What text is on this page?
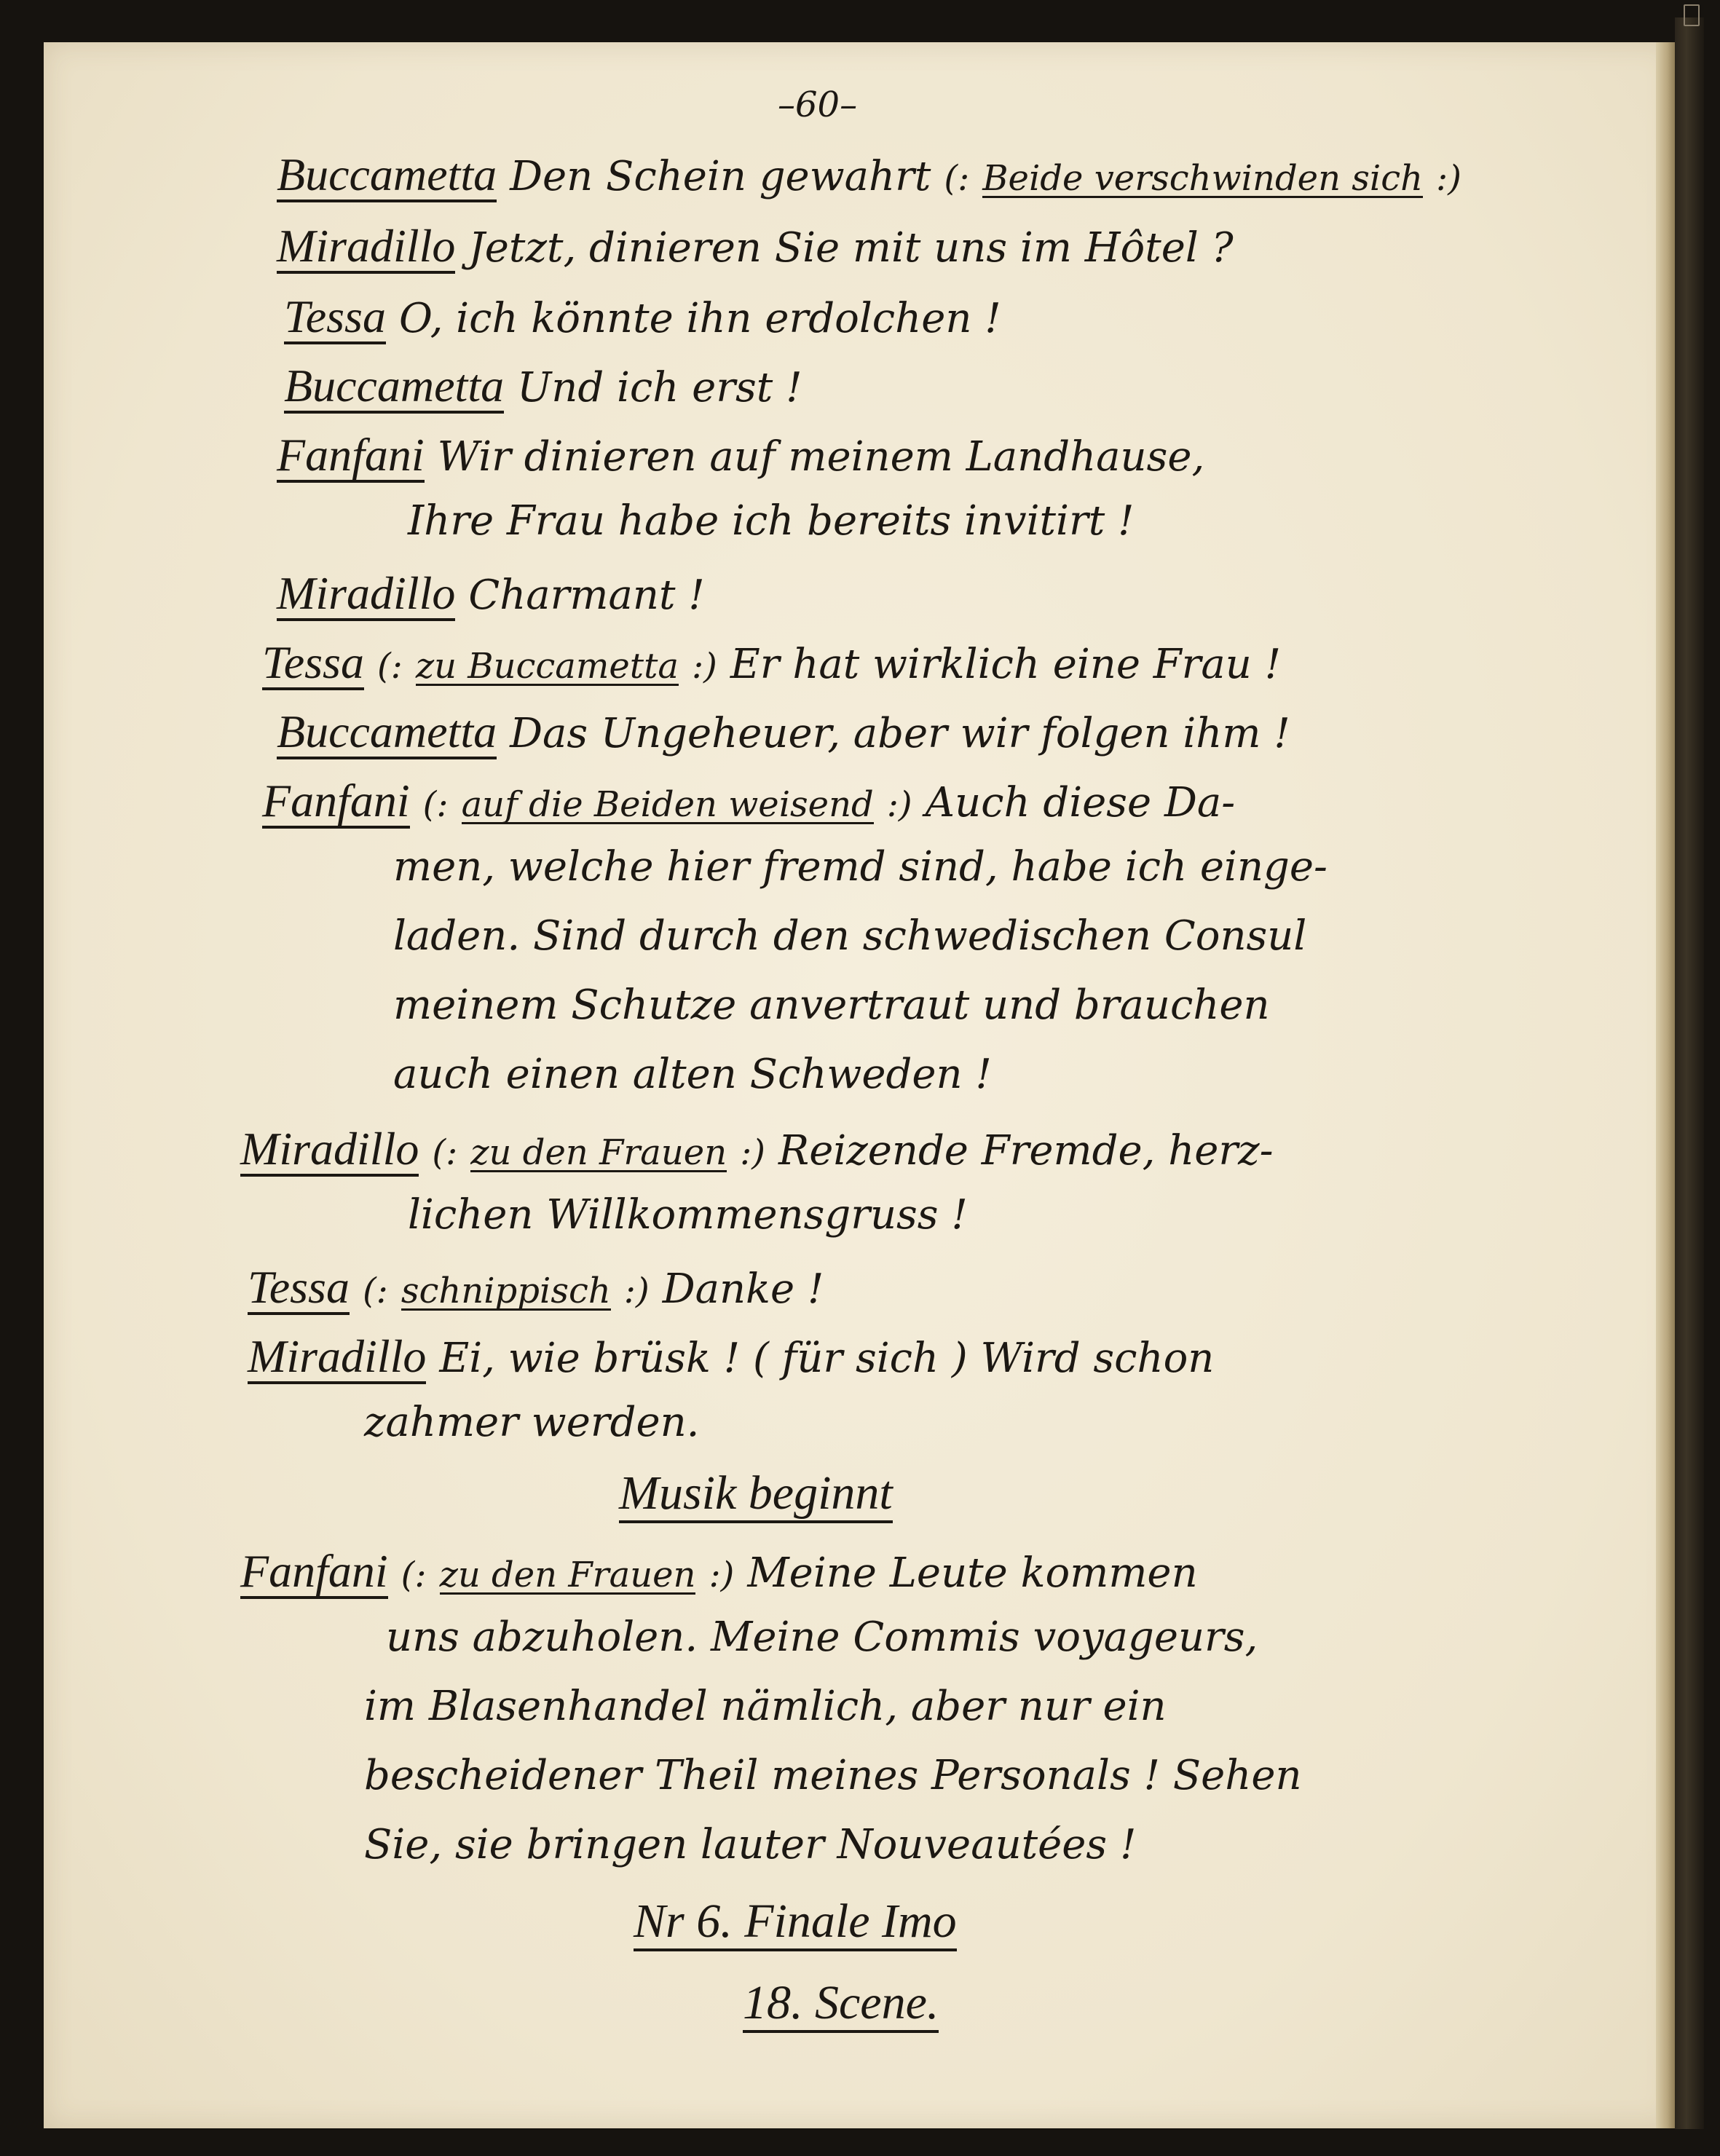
–60–
Buccametta Den Schein gewahrt (: Beide verschwinden sich :)
Miradillo Jetzt, dinieren Sie mit uns im Hôtel ?
Tessa O, ich könnte ihn erdolchen !
Buccametta Und ich erst !
Fanfani Wir dinieren auf meinem Landhause,
Ihre Frau habe ich bereits invitirt !
Miradillo Charmant !
Tessa (: zu Buccametta :) Er hat wirklich eine Frau !
Buccametta Das Ungeheuer, aber wir folgen ihm !
Fanfani (: auf die Beiden weisend :) Auch diese Da-
men, welche hier fremd sind, habe ich einge-
laden. Sind durch den schwedischen Consul
meinem Schutze anvertraut und brauchen
auch einen alten Schweden !
Miradillo (: zu den Frauen :) Reizende Fremde, herz-
lichen Willkommensgruss !
Tessa (: schnippisch :) Danke !
Miradillo Ei, wie brüsk ! ( für sich ) Wird schon
zahmer werden.
Musik beginnt
Fanfani (: zu den Frauen :) Meine Leute kommen
uns abzuholen. Meine Commis voyageurs,
im Blasenhandel nämlich, aber nur ein
bescheidener Theil meines Personals ! Sehen
Sie, sie bringen lauter Nouveautées !
Nr 6. Finale Imo
18. Scene.
